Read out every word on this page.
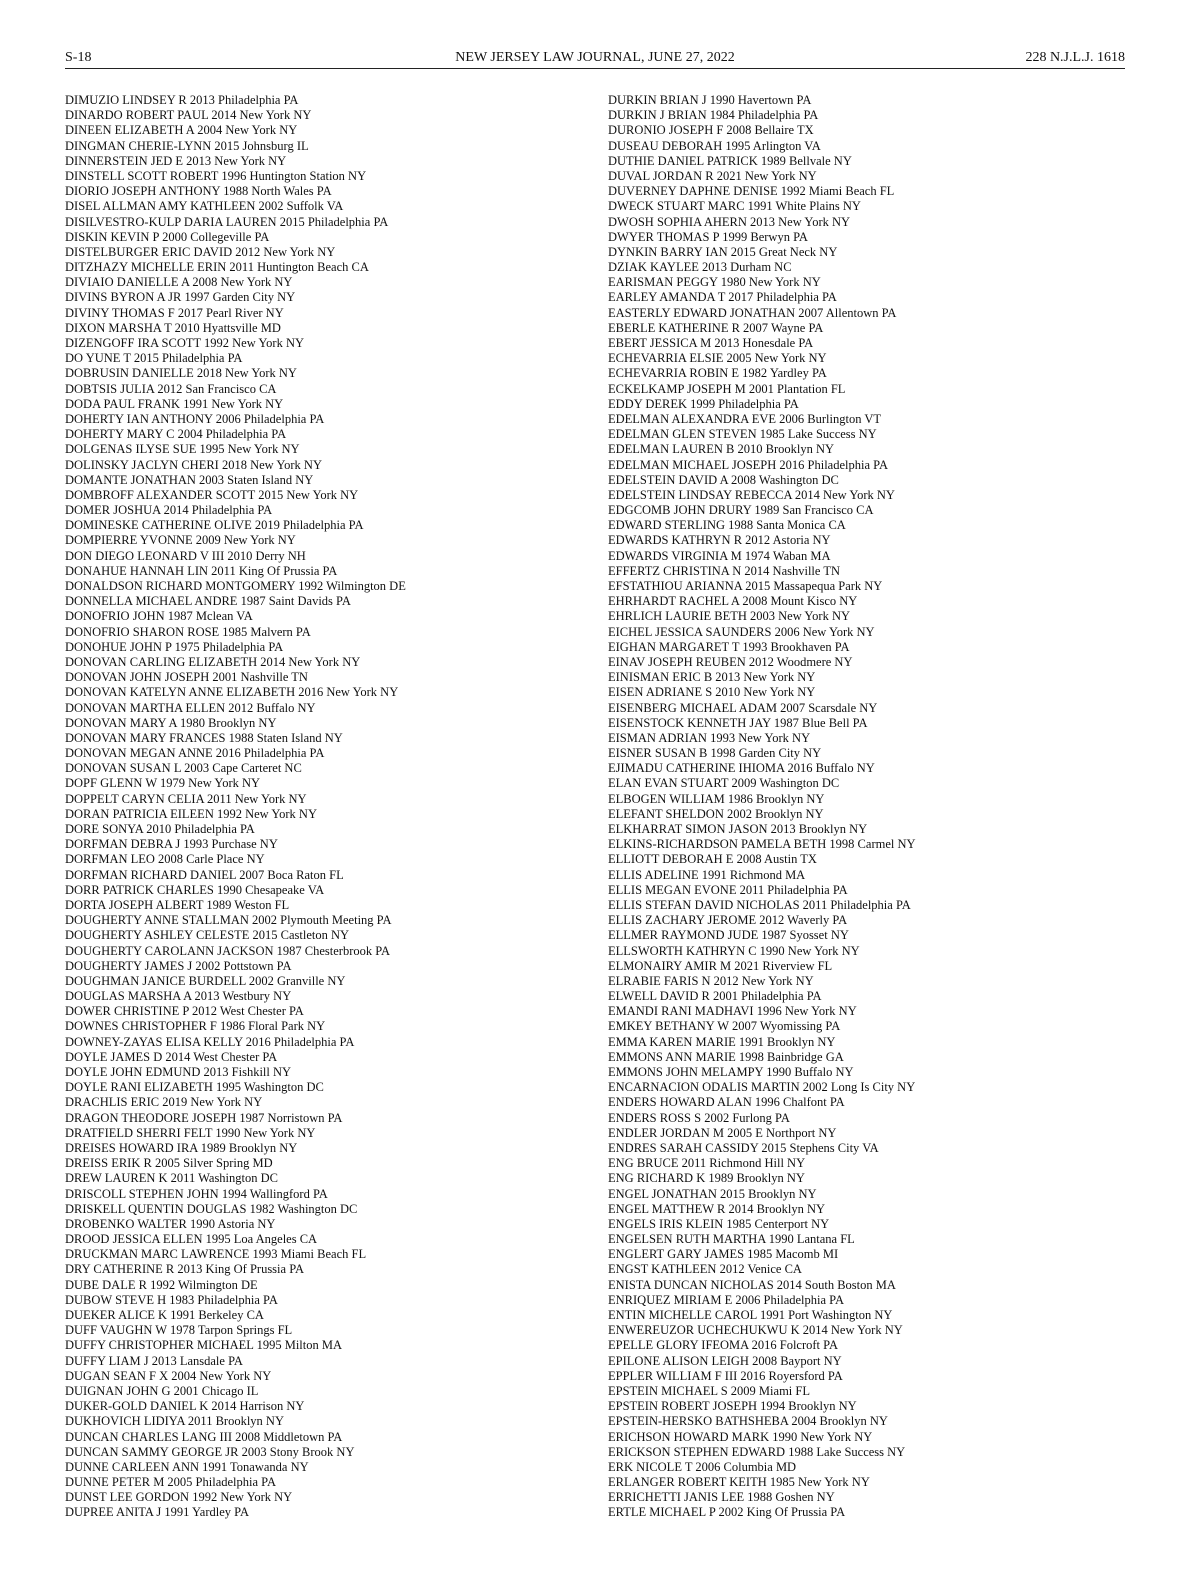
S-18	NEW JERSEY LAW JOURNAL, JUNE 27, 2022	228 N.J.L.J. 1618
DIMUZIO LINDSEY R 2013 Philadelphia PA
DINARDO ROBERT PAUL 2014 New York NY
DINEEN ELIZABETH A 2004 New York NY
DINGMAN CHERIE-LYNN 2015 Johnsburg IL
DINNERSTEIN JED E 2013 New York NY
DINSTELL SCOTT ROBERT 1996 Huntington Station NY
DIORIO JOSEPH ANTHONY 1988 North Wales PA
DISEL ALLMAN AMY KATHLEEN 2002 Suffolk VA
DISILVESTRO-KULP DARIA LAUREN 2015 Philadelphia PA
DISKIN KEVIN P 2000 Collegeville PA
DISTELBURGER ERIC DAVID 2012 New York NY
DITZHAZY MICHELLE ERIN 2011 Huntington Beach CA
DIVIAIO DANIELLE A 2008 New York NY
DIVINS BYRON A JR 1997 Garden City NY
DIVINY THOMAS F 2017 Pearl River NY
DIXON MARSHA T 2010 Hyattsville MD
DIZENGOFF IRA SCOTT 1992 New York NY
DO YUNE T 2015 Philadelphia PA
DOBRUSIN DANIELLE 2018 New York NY
DOBTSIS JULIA 2012 San Francisco CA
DODA PAUL FRANK 1991 New York NY
DOHERTY IAN ANTHONY 2006 Philadelphia PA
DOHERTY MARY C 2004 Philadelphia PA
DOLGENAS ILYSE SUE 1995 New York NY
DOLINSKY JACLYN CHERI 2018 New York NY
DOMANTE JONATHAN 2003 Staten Island NY
DOMBROFF ALEXANDER SCOTT 2015 New York NY
DOMER JOSHUA 2014 Philadelphia PA
DOMINESKE CATHERINE OLIVE 2019 Philadelphia PA
DOMPIERRE YVONNE 2009 New York NY
DON DIEGO LEONARD V III 2010 Derry NH
DONAHUE HANNAH LIN 2011 King Of Prussia PA
DONALDSON RICHARD MONTGOMERY 1992 Wilmington DE
DONNELLA MICHAEL ANDRE 1987 Saint Davids PA
DONOFRIO JOHN 1987 Mclean VA
DONOFRIO SHARON ROSE 1985 Malvern PA
DONOHUE JOHN P 1975 Philadelphia PA
DONOVAN CARLING ELIZABETH 2014 New York NY
DONOVAN JOHN JOSEPH 2001 Nashville TN
DONOVAN KATELYN ANNE ELIZABETH 2016 New York NY
DONOVAN MARTHA ELLEN 2012 Buffalo NY
DONOVAN MARY A 1980 Brooklyn NY
DONOVAN MARY FRANCES 1988 Staten Island NY
DONOVAN MEGAN ANNE 2016 Philadelphia PA
DONOVAN SUSAN L 2003 Cape Carteret NC
DOPF GLENN W 1979 New York NY
DOPPELT CARYN CELIA 2011 New York NY
DORAN PATRICIA EILEEN 1992 New York NY
DORE SONYA 2010 Philadelphia PA
DORFMAN DEBRA J 1993 Purchase NY
DORFMAN LEO 2008 Carle Place NY
DORFMAN RICHARD DANIEL 2007 Boca Raton FL
DORR PATRICK CHARLES 1990 Chesapeake VA
DORTA JOSEPH ALBERT 1989 Weston FL
DOUGHERTY ANNE STALLMAN 2002 Plymouth Meeting PA
DOUGHERTY ASHLEY CELESTE 2015 Castleton NY
DOUGHERTY CAROLANN JACKSON 1987 Chesterbrook PA
DOUGHERTY JAMES J 2002 Pottstown PA
DOUGHMAN JANICE BURDELL 2002 Granville NY
DOUGLAS MARSHA A 2013 Westbury NY
DOWER CHRISTINE P 2012 West Chester PA
DOWNES CHRISTOPHER F 1986 Floral Park NY
DOWNEY-ZAYAS ELISA KELLY 2016 Philadelphia PA
DOYLE JAMES D 2014 West Chester PA
DOYLE JOHN EDMUND 2013 Fishkill NY
DOYLE RANI ELIZABETH 1995 Washington DC
DRACHLIS ERIC 2019 New York NY
DRAGON THEODORE JOSEPH 1987 Norristown PA
DRATFIELD SHERRI FELT 1990 New York NY
DREISES HOWARD IRA 1989 Brooklyn NY
DREISS ERIK R 2005 Silver Spring MD
DREW LAUREN K 2011 Washington DC
DRISCOLL STEPHEN JOHN 1994 Wallingford PA
DRISKELL QUENTIN DOUGLAS 1982 Washington DC
DROBENKO WALTER 1990 Astoria NY
DROOD JESSICA ELLEN 1995 Loa Angeles CA
DRUCKMAN MARC LAWRENCE 1993 Miami Beach FL
DRY CATHERINE R 2013 King Of Prussia PA
DUBE DALE R 1992 Wilmington DE
DUBOW STEVE H 1983 Philadelphia PA
DUEKER ALICE K 1991 Berkeley CA
DUFF VAUGHN W 1978 Tarpon Springs FL
DUFFY CHRISTOPHER MICHAEL 1995 Milton MA
DUFFY LIAM J 2013 Lansdale PA
DUGAN SEAN F X 2004 New York NY
DUIGNAN JOHN G 2001 Chicago IL
DUKER-GOLD DANIEL K 2014 Harrison NY
DUKHOVICH LIDIYA 2011 Brooklyn NY
DUNCAN CHARLES LANG III 2008 Middletown PA
DUNCAN SAMMY GEORGE JR 2003 Stony Brook NY
DUNNE CARLEEN ANN 1991 Tonawanda NY
DUNNE PETER M 2005 Philadelphia PA
DUNST LEE GORDON 1992 New York NY
DUPREE ANITA J 1991 Yardley PA
DURKIN BRIAN J 1990 Havertown PA
DURKIN J BRIAN 1984 Philadelphia PA
DURONIO JOSEPH F 2008 Bellaire TX
DUSEAU DEBORAH 1995 Arlington VA
DUTHIE DANIEL PATRICK 1989 Bellvale NY
DUVAL JORDAN R 2021 New York NY
DUVERNEY DAPHNE DENISE 1992 Miami Beach FL
DWECK STUART MARC 1991 White Plains NY
DWOSH SOPHIA AHERN 2013 New York NY
DWYER THOMAS P 1999 Berwyn PA
DYNKIN BARRY IAN 2015 Great Neck NY
DZIAK KAYLEE 2013 Durham NC
EARISMAN PEGGY 1980 New York NY
EARLEY AMANDA T 2017 Philadelphia PA
EASTERLY EDWARD JONATHAN 2007 Allentown PA
EBERLE KATHERINE R 2007 Wayne PA
EBERT JESSICA M 2013 Honesdale PA
ECHEVARRIA ELSIE 2005 New York NY
ECHEVARRIA ROBIN E 1982 Yardley PA
ECKELKAMP JOSEPH M 2001 Plantation FL
EDDY DEREK 1999 Philadelphia PA
EDELMAN ALEXANDRA EVE 2006 Burlington VT
EDELMAN GLEN STEVEN 1985 Lake Success NY
EDELMAN LAUREN B 2010 Brooklyn NY
EDELMAN MICHAEL JOSEPH 2016 Philadelphia PA
EDELSTEIN DAVID A 2008 Washington DC
EDELSTEIN LINDSAY REBECCA 2014 New York NY
EDGCOMB JOHN DRURY 1989 San Francisco CA
EDWARD STERLING 1988 Santa Monica CA
EDWARDS KATHRYN R 2012 Astoria NY
EDWARDS VIRGINIA M 1974 Waban MA
EFFERTZ CHRISTINA N 2014 Nashville TN
EFSTATHIOU ARIANNA 2015 Massapequa Park NY
EHRHARDT RACHEL A 2008 Mount Kisco NY
EHRLICH LAURIE BETH 2003 New York NY
EICHEL JESSICA SAUNDERS 2006 New York NY
EIGHAN MARGARET T 1993 Brookhaven PA
EINAV JOSEPH REUBEN 2012 Woodmere NY
EINISMAN ERIC B 2013 New York NY
EISEN ADRIANE S 2010 New York NY
EISENBERG MICHAEL ADAM 2007 Scarsdale NY
EISENSTOCK KENNETH JAY 1987 Blue Bell PA
EISMAN ADRIAN 1993 New York NY
EISNER SUSAN B 1998 Garden City NY
EJIMADU CATHERINE IHIOMA 2016 Buffalo NY
ELAN EVAN STUART 2009 Washington DC
ELBOGEN WILLIAM 1986 Brooklyn NY
ELEFANT SHELDON 2002 Brooklyn NY
ELKHARRAT SIMON JASON 2013 Brooklyn NY
ELKINS-RICHARDSON PAMELA BETH 1998 Carmel NY
ELLIOTT DEBORAH E 2008 Austin TX
ELLIS ADELINE 1991 Richmond MA
ELLIS MEGAN EVONE 2011 Philadelphia PA
ELLIS STEFAN DAVID NICHOLAS 2011 Philadelphia PA
ELLIS ZACHARY JEROME 2012 Waverly PA
ELLMER RAYMOND JUDE 1987 Syosset NY
ELLSWORTH KATHRYN C 1990 New York NY
ELMONAIRY AMIR M 2021 Riverview FL
ELRABIE FARIS N 2012 New York NY
ELWELL DAVID R 2001 Philadelphia PA
EMANDI RANI MADHAVI 1996 New York NY
EMKEY BETHANY W 2007 Wyomissing PA
EMMA KAREN MARIE 1991 Brooklyn NY
EMMONS ANN MARIE 1998 Bainbridge GA
EMMONS JOHN MELAMPY 1990 Buffalo NY
ENCARNACION ODALIS MARTIN 2002 Long Is City NY
ENDERS HOWARD ALAN 1996 Chalfont PA
ENDERS ROSS S 2002 Furlong PA
ENDLER JORDAN M 2005 E Northport NY
ENDRES SARAH CASSIDY 2015 Stephens City VA
ENG BRUCE 2011 Richmond Hill NY
ENG RICHARD K 1989 Brooklyn NY
ENGEL JONATHAN 2015 Brooklyn NY
ENGEL MATTHEW R 2014 Brooklyn NY
ENGELS IRIS KLEIN 1985 Centerport NY
ENGELSEN RUTH MARTHA 1990 Lantana FL
ENGLERT GARY JAMES 1985 Macomb MI
ENGST KATHLEEN 2012 Venice CA
ENISTA DUNCAN NICHOLAS 2014 South Boston MA
ENRIQUEZ MIRIAM E 2006 Philadelphia PA
ENTIN MICHELLE CAROL 1991 Port Washington NY
ENWEREUZOR UCHECHUKWU K 2014 New York NY
EPELLE GLORY IFEOMA 2016 Folcroft PA
EPILONE ALISON LEIGH 2008 Bayport NY
EPPLER WILLIAM F III 2016 Royersford PA
EPSTEIN MICHAEL S 2009 Miami FL
EPSTEIN ROBERT JOSEPH 1994 Brooklyn NY
EPSTEIN-HERSKO BATHSHEBA 2004 Brooklyn NY
ERICHSON HOWARD MARK 1990 New York NY
ERICKSON STEPHEN EDWARD 1988 Lake Success NY
ERK NICOLE T 2006 Columbia MD
ERLANGER ROBERT KEITH 1985 New York NY
ERRICHETTI JANIS LEE 1988 Goshen NY
ERTLE MICHAEL P 2002 King Of Prussia PA
